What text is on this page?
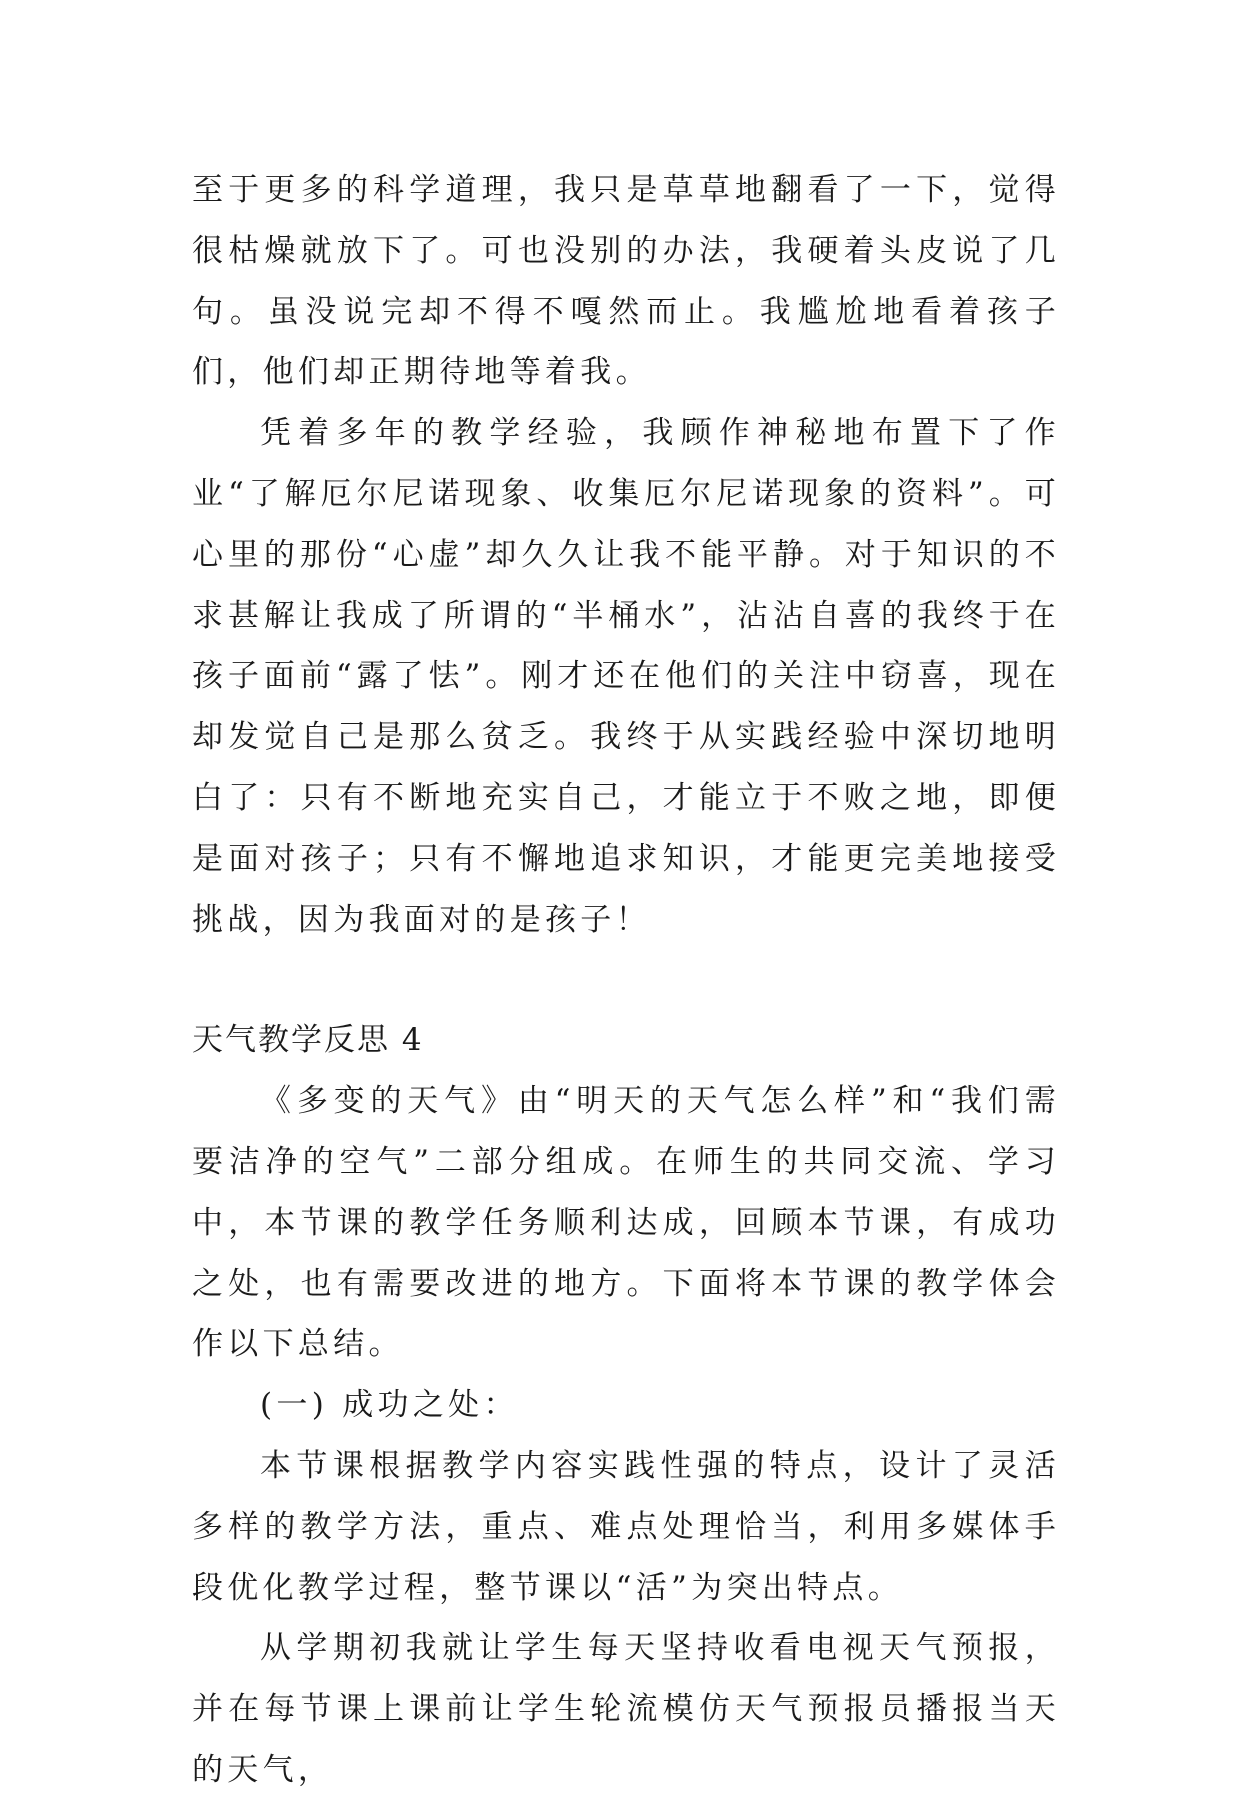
至于更多的科学道理，我只是草草地翻看了一下，觉得很枯燥就放下了。可也没别的办法，我硬着头皮说了几句。虽没说完却不得不嘎然而止。我尴尬地看着孩子们，他们却正期待地等着我。

凭着多年的教学经验，我顾作神秘地布置下了作业“了解厄尔尼诺现象、收集厄尔尼诺现象的资料”。可心里的那份“心虚”却久久让我不能平静。对于知识的不求甚解让我成了所谓的“半桶水”，沾沾自喜的我终于在孩子面前“露了怯”。刚才还在他们的关注中窃喜，现在却发觉自己是那么贫乏。我终于从实践经验中深切地明白了：只有不断地充实自己，才能立于不败之地，即便是面对孩子；只有不懈地追求知识，才能更完美地接受挑战，因为我面对的是孩子！

天气教学反思 4

《多变的天气》由“明天的天气怎么样”和“我们需要洁净的空气”二部分组成。在师生的共同交流、学习中，本节课的教学任务顺利达成，回顾本节课，有成功之处，也有需要改进的地方。下面将本节课的教学体会作以下总结。

(一) 成功之处：

本节课根据教学内容实践性强的特点，设计了灵活多样的教学方法，重点、难点处理恰当，利用多媒体手段优化教学过程，整节课以“活”为突出特点。

从学期初我就让学生每天坚持收看电视天气预报，并在每节课上课前让学生轮流模仿天气预报员播报当天的天气，
